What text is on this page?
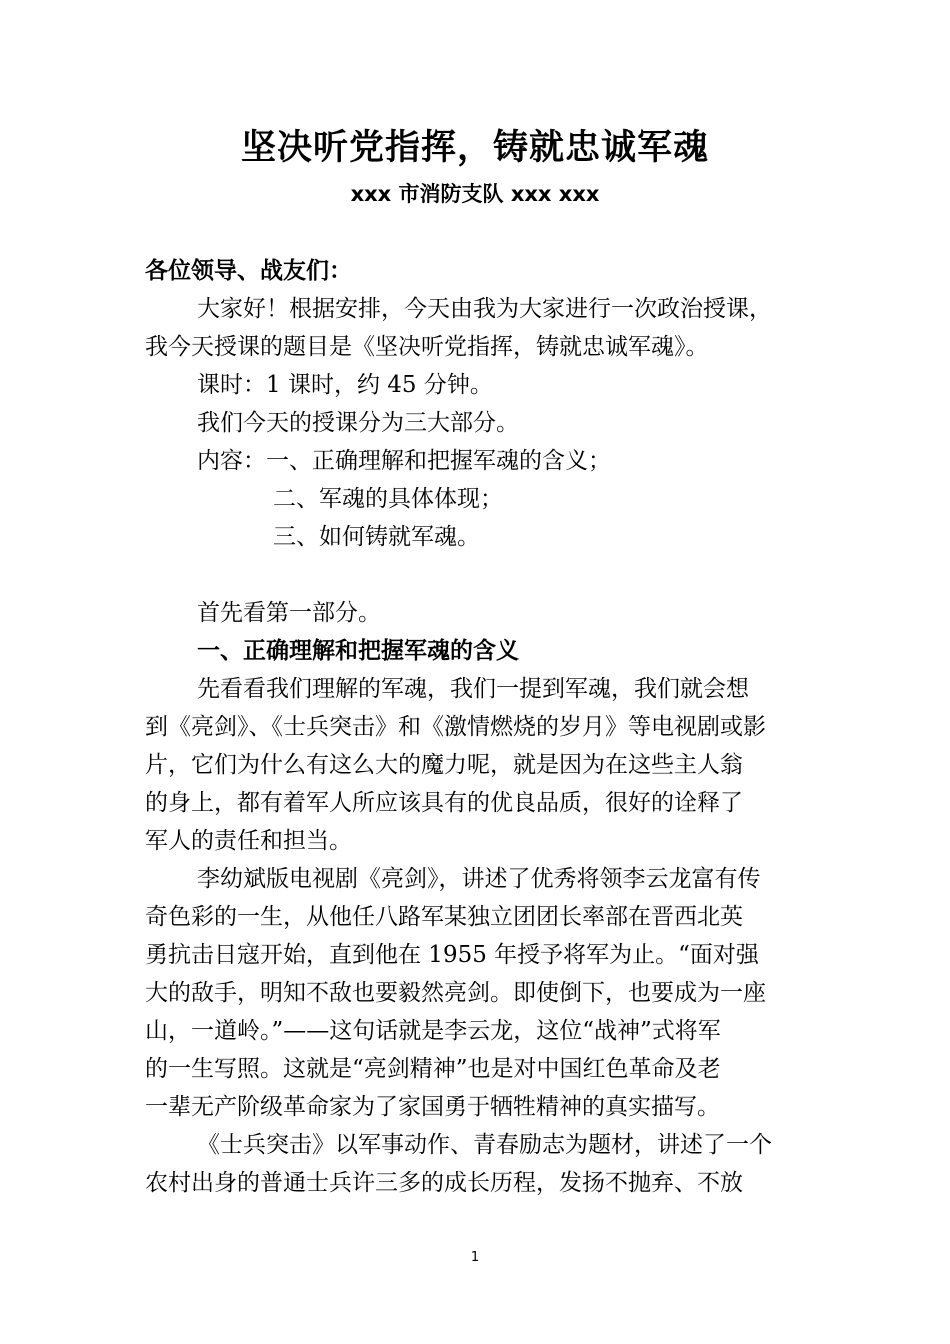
坚决听党指挥，铸就忠诚军魂
xxx 市消防支队 xxx xxx
各位领导、战友们：
大家好！根据安排，今天由我为大家进行一次政治授课，
我今天授课的题目是《坚决听党指挥，铸就忠诚军魂》。
课时：1 课时，约 45 分钟。
我们今天的授课分为三大部分。
内容：一、正确理解和把握军魂的含义；
二、军魂的具体体现；
三、如何铸就军魂。
首先看第一部分。
一、正确理解和把握军魂的含义
先看看我们理解的军魂，我们一提到军魂，我们就会想
到《亮剑》、《士兵突击》和《激情燃烧的岁月》等电视剧或影
片，它们为什么有这么大的魔力呢，就是因为在这些主人翁
的身上，都有着军人所应该具有的优良品质，很好的诠释了
军人的责任和担当。
李幼斌版电视剧《亮剑》，讲述了优秀将领李云龙富有传
奇色彩的一生，从他任八路军某独立团团长率部在晋西北英
勇抗击日寇开始，直到他在 1955 年授予将军为止。“面对强
大的敌手，明知不敌也要毅然亮剑。即使倒下，也要成为一座
山，一道岭。”——这句话就是李云龙，这位“战神”式将军
的一生写照。这就是“亮剑精神”也是对中国红色革命及老
一辈无产阶级革命家为了家国勇于牺牲精神的真实描写。
《士兵突击》以军事动作、青春励志为题材，讲述了一个
农村出身的普通士兵许三多的成长历程，发扬不抛弃、不放
1
